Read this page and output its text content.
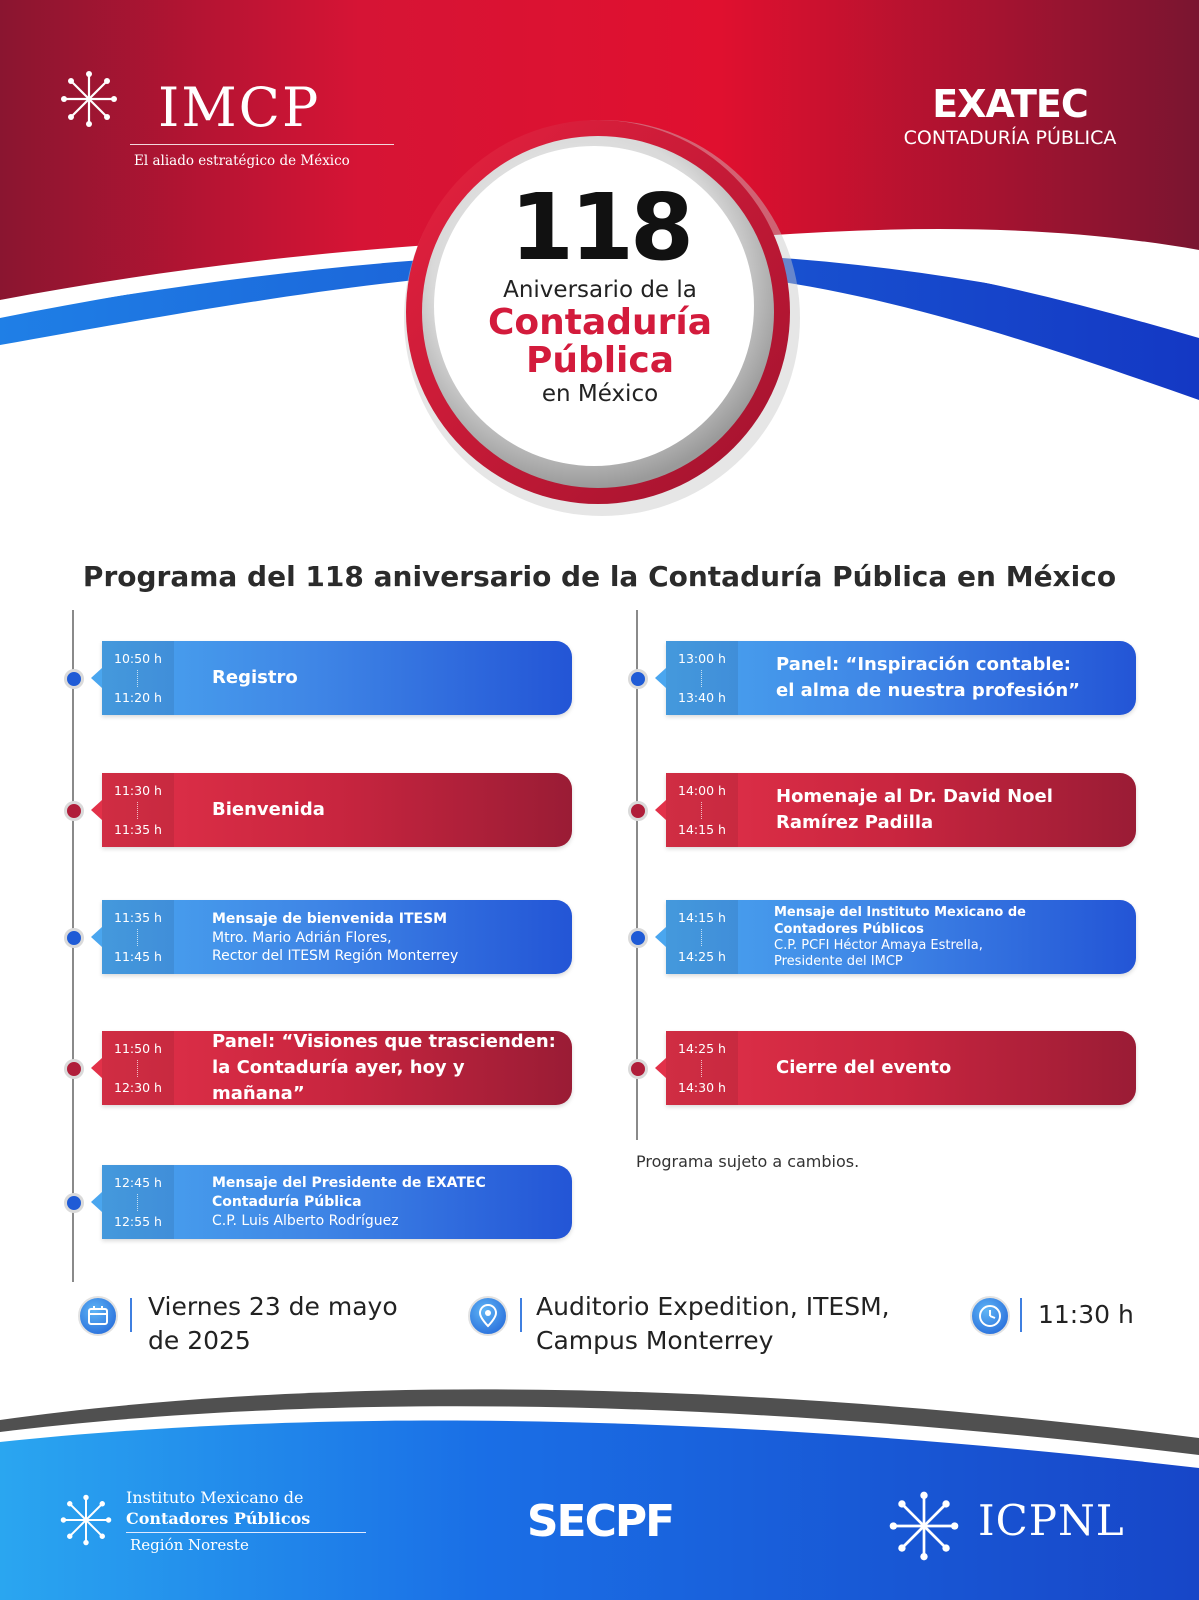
IMCP
El aliado estratégico de México
EXATEC
CONTADURÍA PÚBLICA
118
Aniversario de la
Contaduría
Pública
en México
Programa del 118 aniversario de la Contaduría Pública en México
10:50 h
11:20 h
Registro
11:30 h
11:35 h
Bienvenida
11:35 h
11:45 h
Mensaje de bienvenida ITESM
Mtro. Mario Adrián Flores,
Rector del ITESM Región Monterrey
11:50 h
12:30 h
Panel: “Visiones que trascienden:
la Contaduría ayer, hoy y mañana”
12:45 h
12:55 h
Mensaje del Presidente de EXATEC
Contaduría Pública
C.P. Luis Alberto Rodríguez
13:00 h
13:40 h
Panel: “Inspiración contable:
el alma de nuestra profesión”
14:00 h
14:15 h
Homenaje al Dr. David Noel
Ramírez Padilla
14:15 h
14:25 h
Mensaje del Instituto Mexicano de
Contadores Públicos
C.P. PCFI Héctor Amaya Estrella,
Presidente del IMCP
14:25 h
14:30 h
Cierre del evento
Programa sujeto a cambios.
Viernes 23 de mayo
de 2025
Auditorio Expedition, ITESM,
Campus Monterrey
11:30 h
Instituto Mexicano de
Contadores Públicos
Región Noreste	SECPF	ICPNL
